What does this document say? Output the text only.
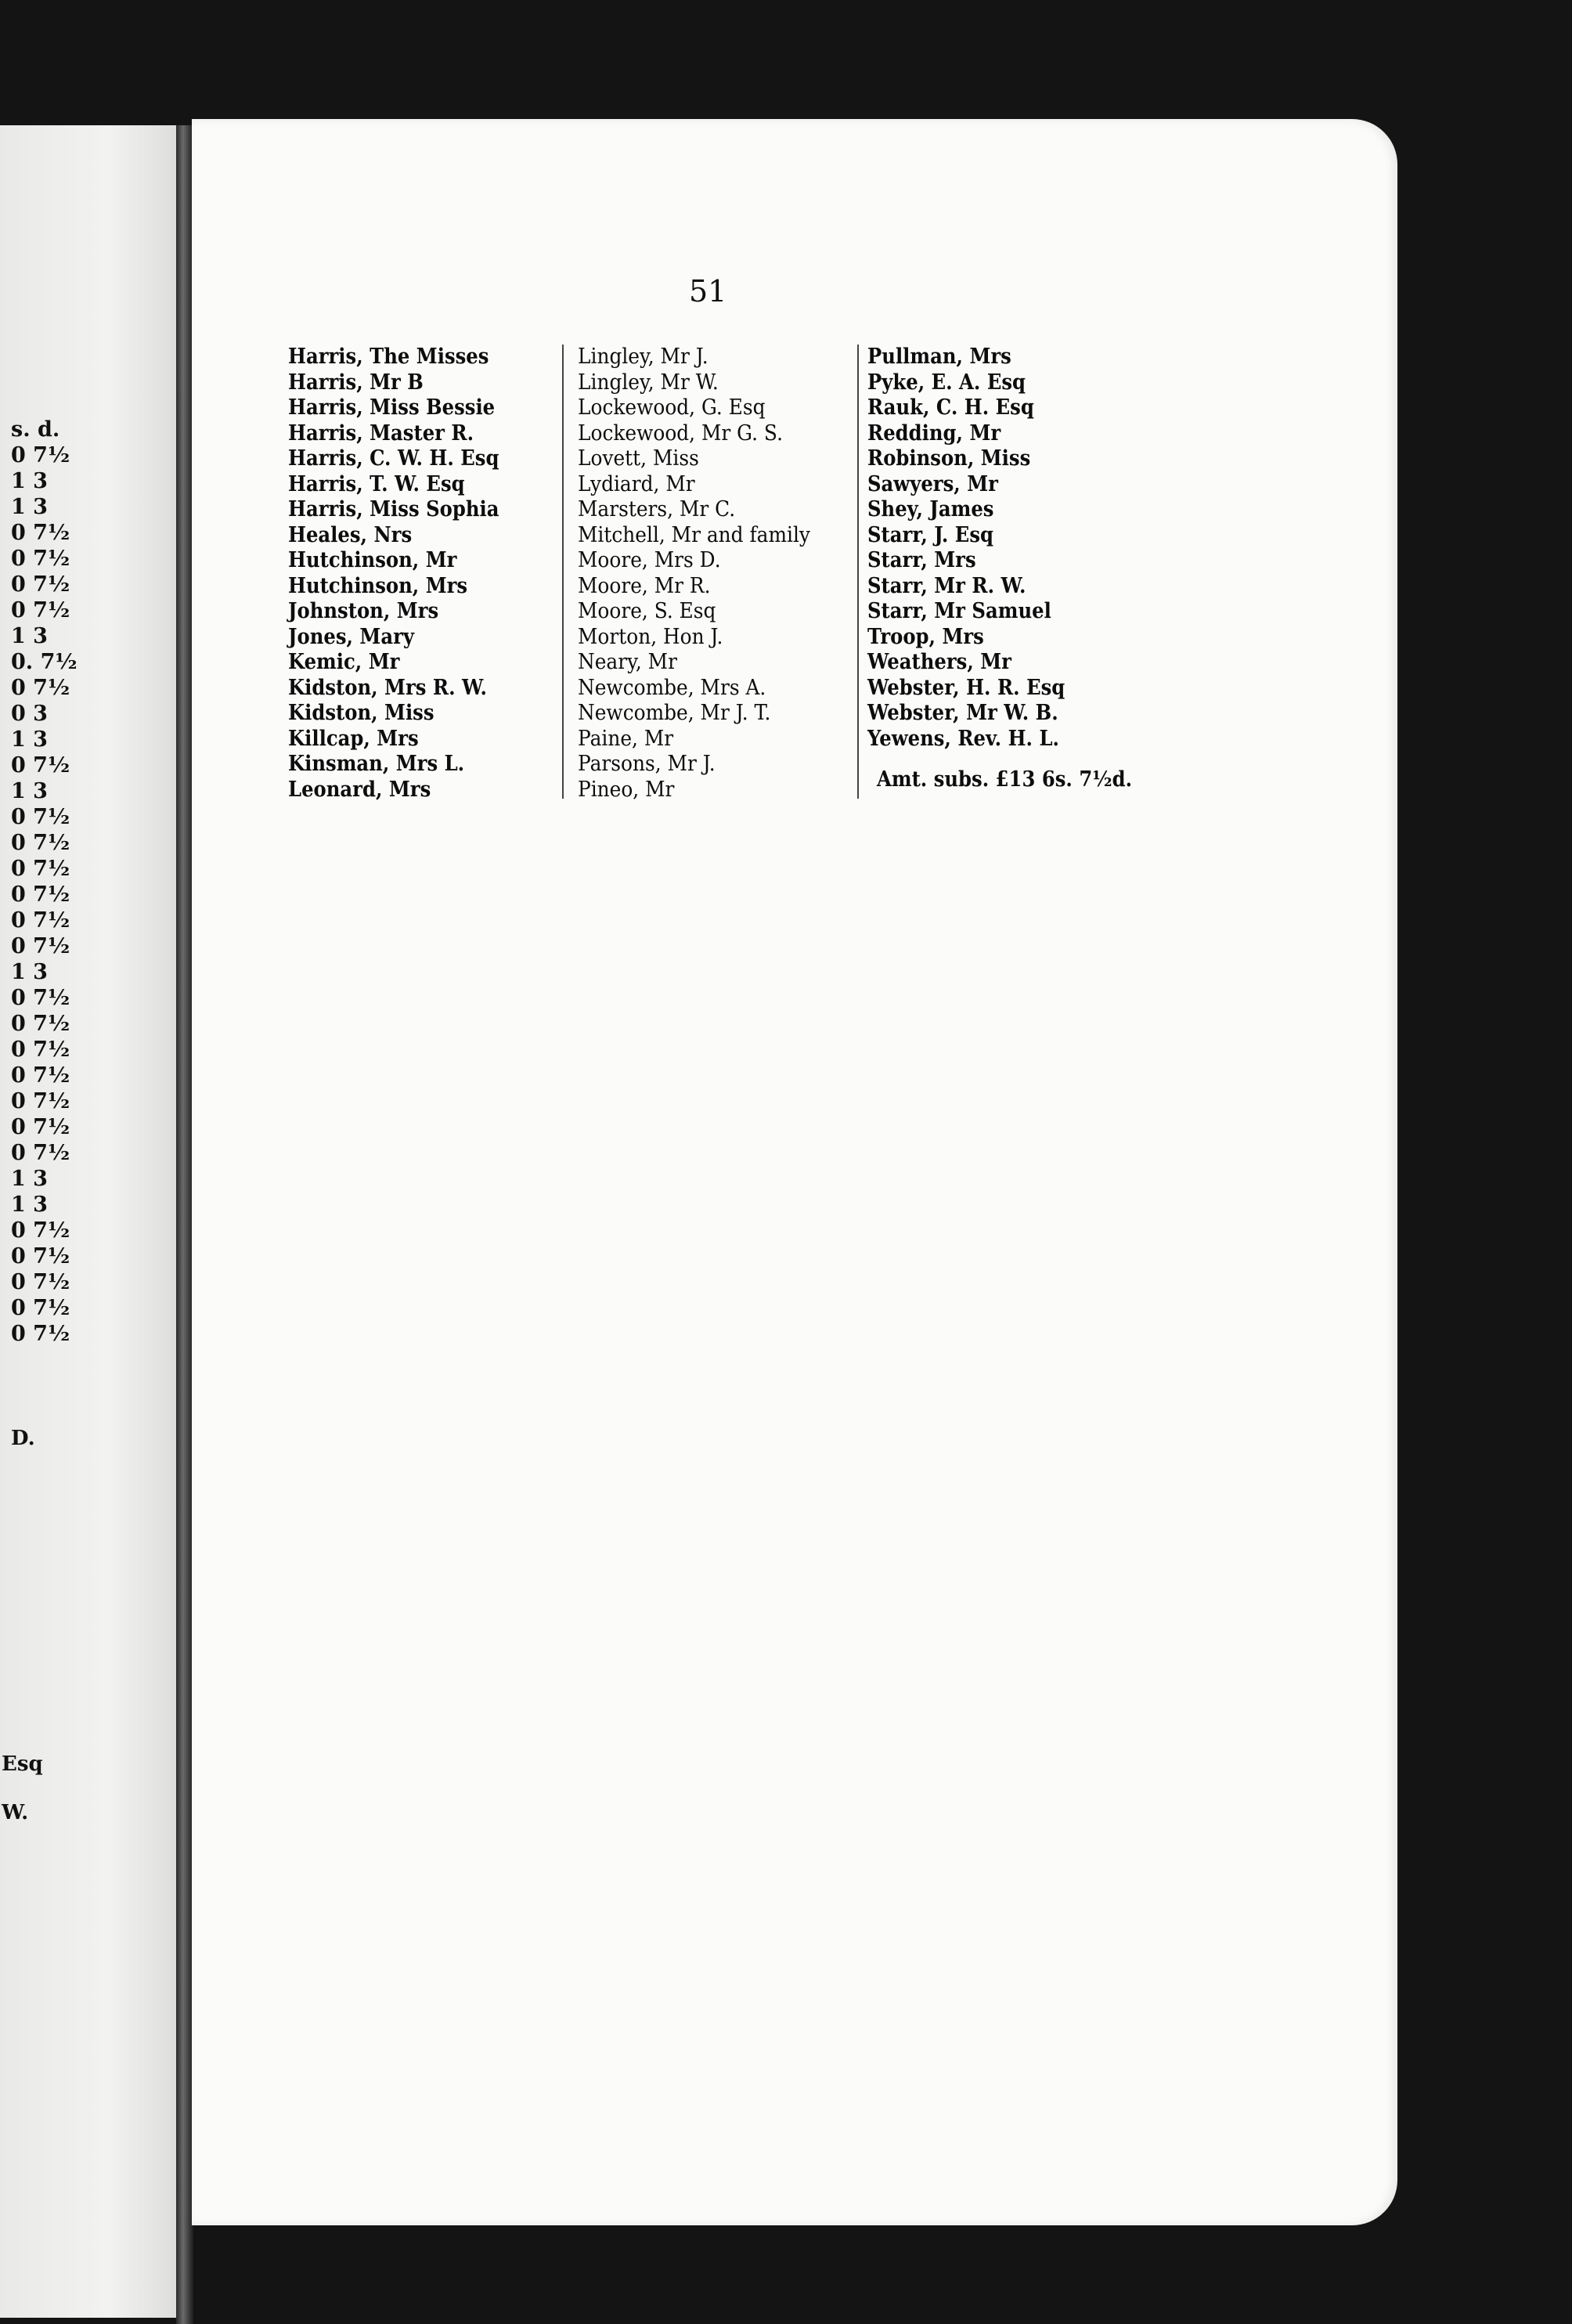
s. d.
0 7½
1 3
1 3
0 7½
0 7½
0 7½
0 7½
1 3
0. 7½
0 7½
0 3
1 3
0 7½
1 3
0 7½
0 7½
0 7½
0 7½
0 7½
0 7½
1 3
0 7½
0 7½
0 7½
0 7½
0 7½
0 7½
0 7½
1 3
1 3
0 7½
0 7½
0 7½
0 7½
0 7½
D.
Esq
W.
51
Harris, The Misses
Harris, Mr B
Harris, Miss Bessie
Harris, Master R.
Harris, C. W. H. Esq
Harris, T. W. Esq
Harris, Miss Sophia
Heales, Nrs
Hutchinson, Mr
Hutchinson, Mrs
Johnston, Mrs
Jones, Mary
Kemic, Mr
Kidston, Mrs R. W.
Kidston, Miss
Killcap, Mrs
Kinsman, Mrs L.
Leonard, Mrs
Lingley, Mr J.
Lingley, Mr W.
Lockewood, G. Esq
Lockewood, Mr G. S.
Lovett, Miss
Lydiard, Mr
Marsters, Mr C.
Mitchell, Mr and family
Moore, Mrs D.
Moore, Mr R.
Moore, S. Esq
Morton, Hon J.
Neary, Mr
Newcombe, Mrs A.
Newcombe, Mr J. T.
Paine, Mr
Parsons, Mr J.
Pineo, Mr
Pullman, Mrs
Pyke, E. A. Esq
Rauk, C. H. Esq
Redding, Mr
Robinson, Miss
Sawyers, Mr
Shey, James
Starr, J. Esq
Starr, Mrs
Starr, Mr R. W.
Starr, Mr Samuel
Troop, Mrs
Weathers, Mr
Webster, H. R. Esq
Webster, Mr W. B.
Yewens, Rev. H. L.
Amt. subs. £13 6s. 7½d.
